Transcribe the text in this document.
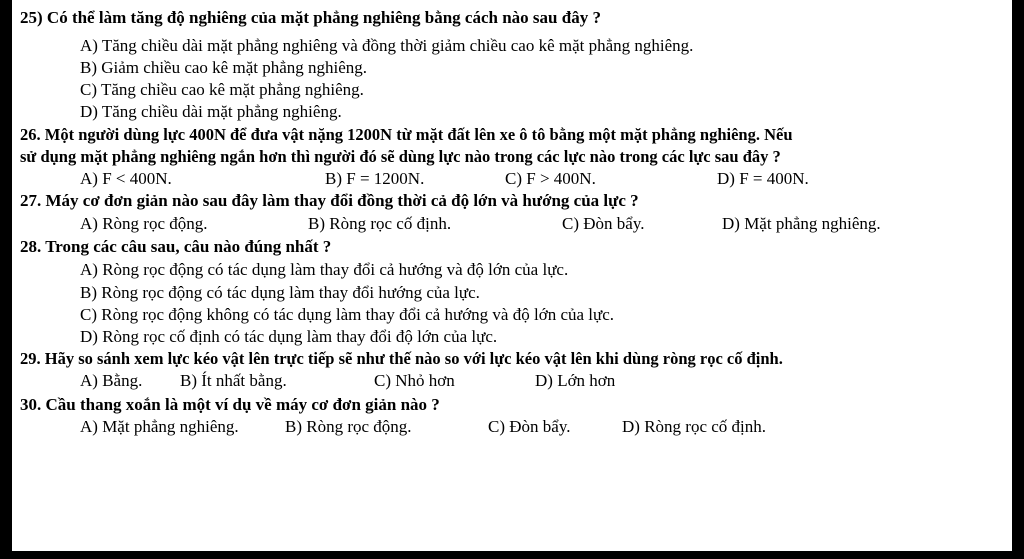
25) Có thể làm tăng độ nghiêng của mặt phẳng nghiêng bằng cách nào sau đây ?
A) Tăng chiều dài mặt phẳng nghiêng và đồng thời giảm chiều cao kê mặt phẳng nghiêng.
B) Giảm chiều cao kê mặt phẳng nghiêng.
C) Tăng chiều cao kê mặt phẳng nghiêng.
D) Tăng chiều dài mặt phẳng nghiêng.
26. Một người dùng lực 400N để đưa vật nặng 1200N từ mặt đất lên xe ô tô bằng một mặt phẳng nghiêng. Nếu
sử dụng mặt phẳng nghiêng ngắn hơn thì người đó sẽ dùng lực nào trong các lực nào trong các lực sau đây ?
A) F < 400N.	B) F = 1200N.	C) F > 400N.	D) F = 400N.
27. Máy cơ đơn giản nào sau đây làm thay đổi đồng thời cả độ lớn và hướng của lực ?
A) Ròng rọc động.	B) Ròng rọc cố định.	C) Đòn bẩy.	D) Mặt phẳng nghiêng.
28. Trong các câu sau, câu nào đúng nhất ?
A) Ròng rọc động có tác dụng làm thay đổi cả hướng và độ lớn của lực.
B) Ròng rọc động có tác dụng làm thay đổi hướng của lực.
C) Ròng rọc động không có tác dụng làm thay đổi cả hướng và độ lớn của lực.
D) Ròng rọc cố định có tác dụng làm thay đổi độ lớn của lực.
29. Hãy so sánh xem lực kéo vật lên trực tiếp sẽ như thế nào so với lực kéo vật lên khi dùng ròng rọc cố định.
A) Bằng. B) Ít nhất bằng.	C) Nhỏ hơn	D) Lớn hơn
30. Cầu thang xoắn là một ví dụ về máy cơ đơn giản nào ?
A) Mặt phẳng nghiêng.	B) Ròng rọc động.	C) Đòn bẩy.	D) Ròng rọc cố định.
